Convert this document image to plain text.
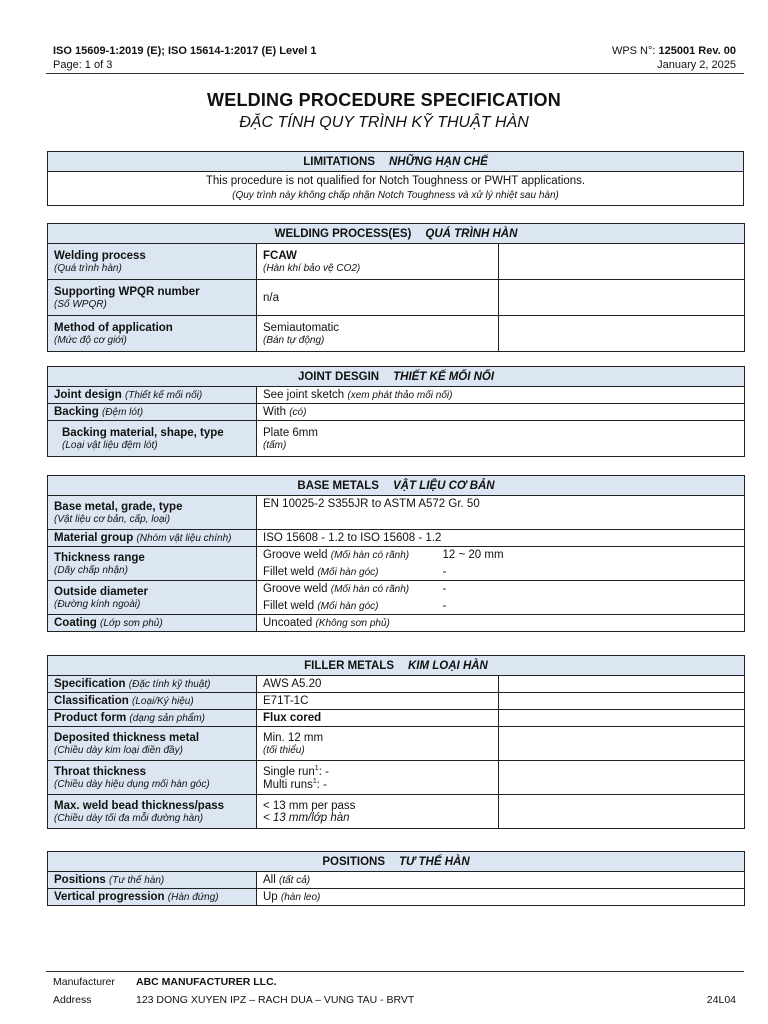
ISO 15609-1:2019 (E); ISO 15614-1:2017 (E) Level 1
Page: 1 of 3
WPS N°: 125001 Rev. 00
January 2, 2025
WELDING PROCEDURE SPECIFICATION
ĐẶC TÍNH QUY TRÌNH KỸ THUẬT HÀN
LIMITATIONS NHỮNG HẠN CHẾ
This procedure is not qualified for Notch Toughness or PWHT applications.
(Quy trình này không chấp nhận Notch Toughness và xử lý nhiệt sau hàn)
WELDING PROCESS(ES) QUÁ TRÌNH HÀN		
Welding process
(Quá trình hàn)	FCAW
(Hàn khí bảo vệ CO2)	
Supporting WPQR number
(Số WPQR)	n/a	
Method of application
(Mức độ cơ giới)	Semiautomatic
(Bán tự động)	
JOINT DESGIN THIẾT KẾ MỐI NỐI	
Joint design (Thiết kế mối nối)	See joint sketch (xem phát thảo mối nối)
Backing (Đệm lót)	With (có)
Backing material, shape, type
(Loại vật liệu đệm lót)	Plate 6mm
(tấm)
BASE METALS VẬT LIỆU CƠ BẢN		
Base metal, grade, type
(Vật liệu cơ bản, cấp, loại)	EN 10025-2 S355JR to ASTM A572 Gr. 50	
Material group (Nhóm vật liệu chính)	ISO 15608 - 1.2 to ISO 15608 - 1.2	
Thickness range
(Dãy chấp nhận)	Groove weld (Mối hàn có rãnh)	12 ~ 20 mm
	Fillet weld (Mối hàn góc)	-
Outside diameter
(Đường kính ngoài)	Groove weld (Mối hàn có rãnh)	-
	Fillet weld (Mối hàn góc)	-
Coating (Lớp sơn phủ)	Uncoated (Không sơn phủ)	
FILLER METALS KIM LOẠI HÀN		
Specification (Đặc tính kỹ thuật)	AWS A5.20	
Classification (Loại/Ký hiệu)	E71T-1C	
Product form (dạng sản phẩm)	Flux cored	
Deposited thickness metal
(Chiều dày kim loại điền đầy)	Min. 12 mm
(tối thiểu)	
Throat thickness
(Chiều dày hiệu dụng mối hàn góc)	Single run$^1$: -
Multi runs$^1$: -	
Max. weld bead thickness/pass
(Chiều dày tối đa mỗi đường hàn)	< 13 mm per pass
< 13 mm/lớp hàn	
POSITIONS TƯ THẾ HÀN	
Positions (Tư thế hàn)	All (tất cả)
Vertical progression (Hàn đứng)	Up (hàn leo)
Manufacturer ABC MANUFACTURER LLC.
Address	123 DONG XUYEN IPZ – RACH DUA – VUNG TAU - BRVT	24L04
